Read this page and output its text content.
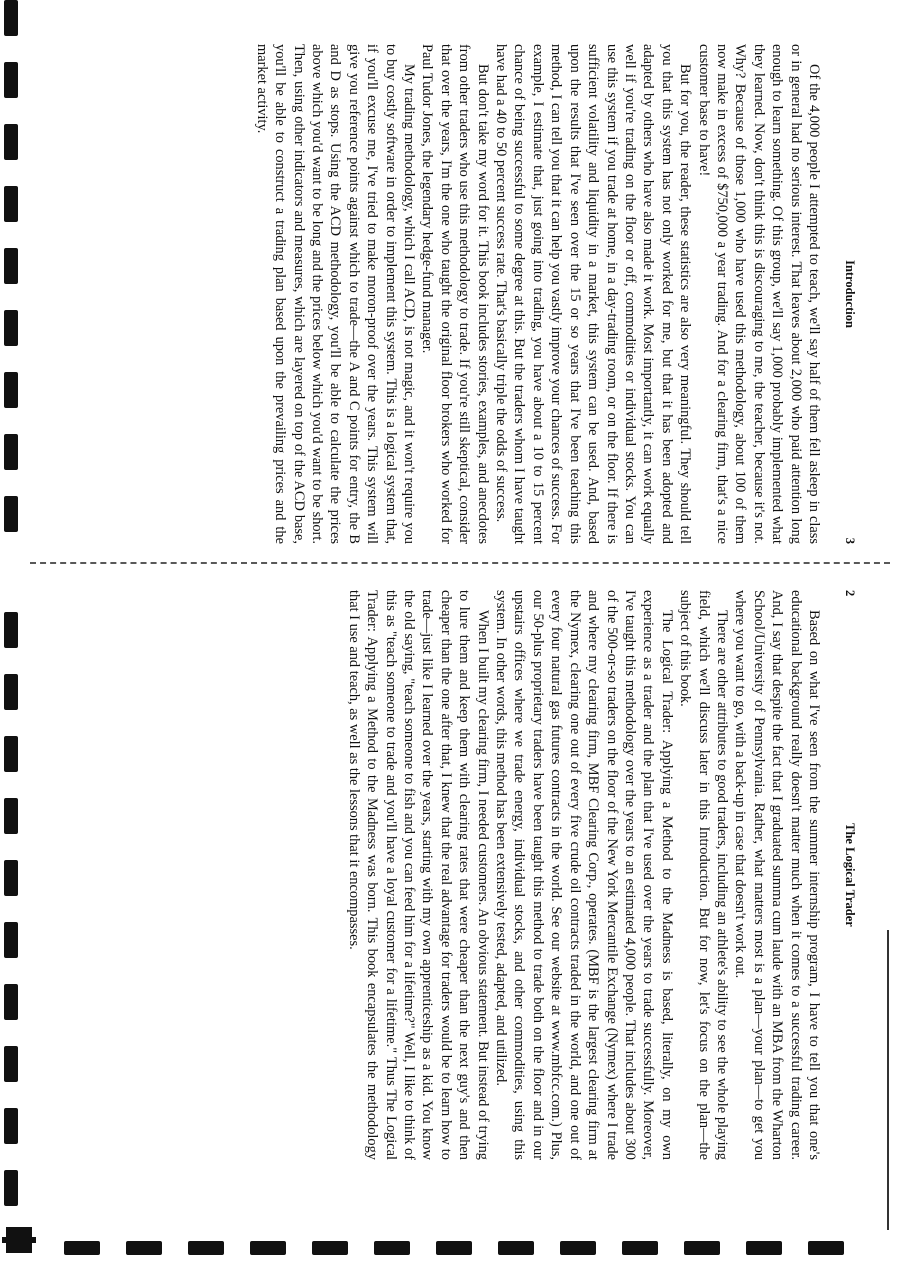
Introduction
3

Of the 4,000 people I attempted to teach, we'll say half of them fell asleep in class or in general had no serious interest. That leaves about 2,000 who paid attention long enough to learn something. Of this group, we'll say 1,000 probably implemented what they learned. Now, don't think this is discouraging to me, the teacher, because it's not. Why? Because of those 1,000 who have used this methodology, about 100 of them now make in excess of $750,000 a year trading. And for a clearing firm, that's a nice customer base to have!

But for you, the reader, these statistics are also very meaningful. They should tell you that this system has not only worked for me, but that it has been adopted and adapted by others who have also made it work. Most importantly, it can work equally well if you're trading on the floor or off, commodities or individual stocks. You can use this system if you trade at home, in a day-trading room, or on the floor. If there is sufficient volatility and liquidity in a market, this system can be used. And, based upon the results that I've seen over the 15 or so years that I've been teaching this method, I can tell you that it can help you vastly improve your chances of success. For example, I estimate that, just going into trading, you have about a 10 to 15 percent chance of being successful to some degree at this. But the traders whom I have taught have had a 40 to 50 percent success rate. That's basically triple the odds of success.

But don't take my word for it. This book includes stories, examples, and anecdotes from other traders who use this methodology to trade. If you're still skeptical, consider that over the years, I'm the one who taught the original floor brokers who worked for Paul Tudor Jones, the legendary hedge-fund manager.

My trading methodology, which I call ACD, is not magic, and it won't require you to buy costly software in order to implement this system. This is a logical system that, if you'll excuse me, I've tried to make moron-proof over the years. This system will give you reference points against which to trade—the A and C points for entry, the B and D as stops. Using the ACD methodology, you'll be able to calculate the prices above which you'd want to be long and the prices below which you'd want to be short. Then, using other indicators and measures, which are layered on top of the ACD base, you'll be able to construct a trading plan based upon the prevailing prices and the market activity.

2
The Logical Trader

Based on what I've seen from the summer internship program, I have to tell you that one's educational background really doesn't matter much when it comes to a successful trading career. And, I say that despite the fact that I graduated summa cum laude with an MBA from the Wharton School/University of Pennsylvania. Rather, what matters most is a plan—your plan—to get you where you want to go, with a back-up in case that doesn't work out.

There are other attributes to good traders, including an athlete's ability to see the whole playing field, which we'll discuss later in this Introduction. But for now, let's focus on the plan—the subject of this book.

The Logical Trader: Applying a Method to the Madness is based, literally, on my own experience as a trader and the plan that I've used over the years to trade successfully. Moreover, I've taught this methodology over the years to an estimated 4,000 people. That includes about 300 of the 500-or-so traders on the floor of the New York Mercantile Exchange (Nymex) where I trade and where my clearing firm, MBF Clearing Corp., operates. (MBF is the largest clearing firm at the Nymex, clearing one out of every five crude oil contracts traded in the world, and one out of every four natural gas futures contracts in the world. See our website at www.mbfcc.com.) Plus, our 50-plus proprietary traders have been taught this method to trade both on the floor and in our upstairs offices where we trade energy, individual stocks, and other commodities, using this system. In other words, this method has been extensively tested, adapted, and utilized.

When I built my clearing firm, I needed customers. An obvious statement. But instead of trying to lure them and keep them with clearing rates that were cheaper than the next guy's and then cheaper than the one after that, I knew that the real advantage for traders would be to learn how to trade—just like I learned over the years, starting with my own apprenticeship as a kid. You know the old saying, "teach someone to fish and you can feed him for a lifetime?" Well, I like to think of this as "teach someone to trade and you'll have a loyal customer for a lifetime." Thus The Logical Trader: Applying a Method to the Madness was born. This book encapsulates the methodology that I use and teach, as well as the lessons that it encompasses.
